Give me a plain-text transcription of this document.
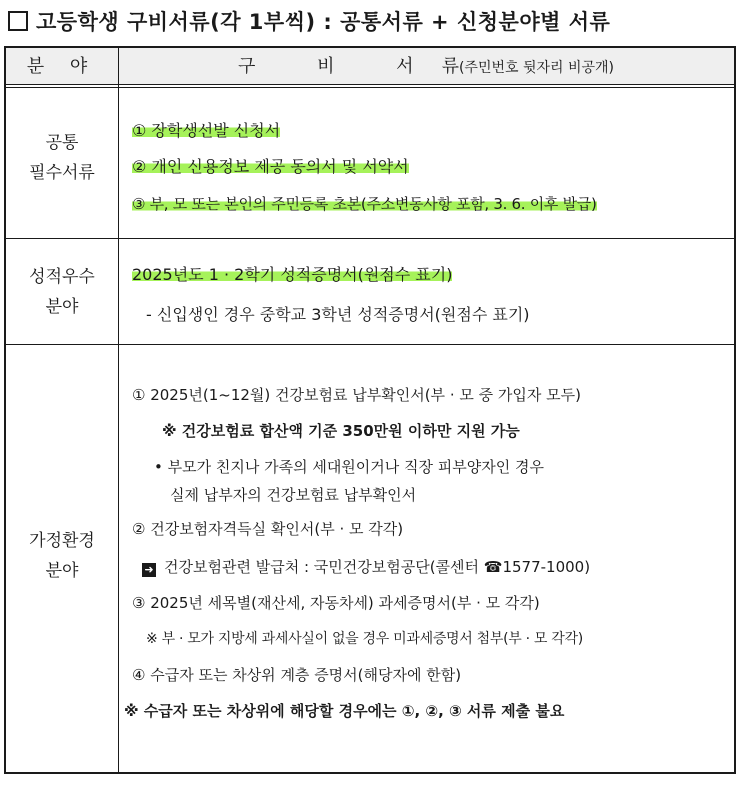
고등학생 구비서류(각 1부씩) : 공통서류 + 신청분야별 서류
분 야	구 비 서류(주민번호 뒷자리 비공개)
공통
필수서류
① 장학생선발 신청서
② 개인 신용정보 제공 동의서 및 서약서
③ 부, 모 또는 본인의 주민등록 초본(주소변동사항 포함, 3. 6. 이후 발급)
성적우수
분야
2025년도 1 · 2학기 성적증명서(원점수 표기)
- 신입생인 경우 중학교 3학년 성적증명서(원점수 표기)
가정환경
분야
① 2025년(1~12월) 건강보험료 납부확인서(부 · 모 중 가입자 모두)
※ 건강보험료 합산액 기준 350만원 이하만 지원 가능
• 부모가 친지나 가족의 세대원이거나 직장 피부양자인 경우
실제 납부자의 건강보험료 납부확인서
② 건강보험자격득실 확인서(부 · 모 각각)
➜ 건강보험관련 발급처 : 국민건강보험공단(콜센터 ☎1577-1000)
③ 2025년 세목별(재산세, 자동차세) 과세증명서(부 · 모 각각)
※ 부 · 모가 지방세 과세사실이 없을 경우 미과세증명서 첨부(부 · 모 각각)
④ 수급자 또는 차상위 계층 증명서(해당자에 한함)
※ 수급자 또는 차상위에 해당할 경우에는 ①, ②, ③ 서류 제출 불요
